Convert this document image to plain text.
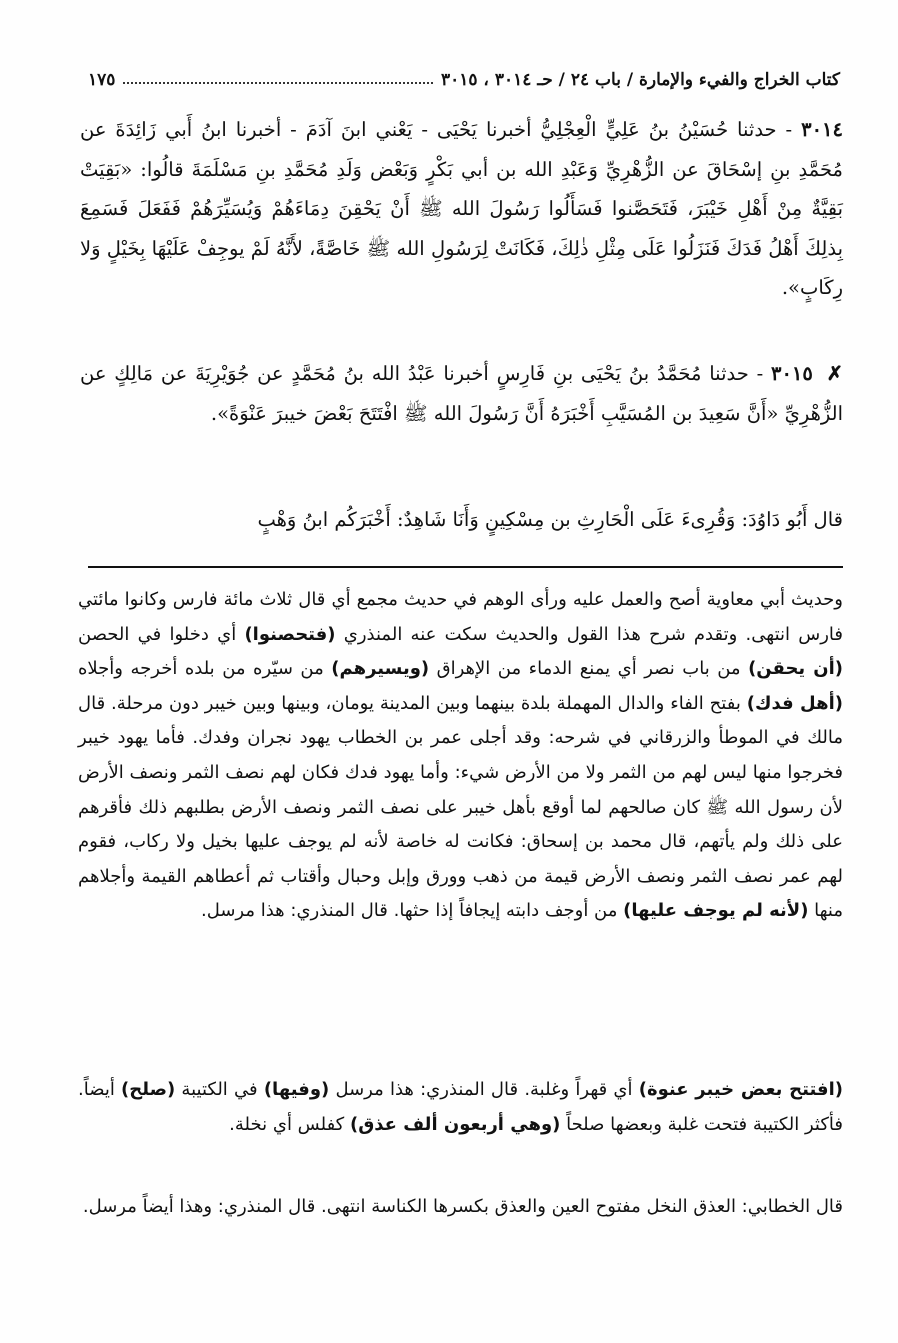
كتاب الخراج والفيء والإمارة / باب ٢٤ / حـ ٣٠١٤ ، ٣٠١٥
١٧٥
٣٠١٤ - حدثنا حُسَيْنُ بنُ عَلِيٍّ الْعِجْلِيُّ أخبرنا يَحْيَى - يَعْني ابنَ آدَمَ - أخبرنا ابنُ أَبي زَائِدَةَ عن مُحَمَّدِ بنِ إسْحَاقَ عن الزُّهْرِيِّ وَعَبْدِ الله بن أبي بَكْرٍ وَبَعْض وَلَدِ مُحَمَّدِ بنِ مَسْلَمَةَ قالُوا: «بَقِيَتْ بَقِيَّةٌ مِنْ أَهْلِ خَيْبَرَ، فَتَحَصَّنوا فَسَأَلُوا رَسُولَ الله ﷺ أَنْ يَحْقِنَ دِمَاءَهُمْ وَيُسَيِّرَهُمْ فَفَعَلَ فَسَمِعَ بِذلِكَ أَهْلُ فَدَكَ فَنَزَلُوا عَلَى مِثْلِ ذٰلِكَ، فَكَانَتْ لِرَسُولِ الله ﷺ خَاصَّةً، لأَنَّهُ لَمْ يوجِفْ عَلَيْهَا بِخَيْلٍ وَلا رِكَابٍ».
✗ ٣٠١٥ - حدثنا مُحَمَّدُ بنُ يَحْيَى بنِ فَارِسٍ أخبرنا عَبْدُ الله بنُ مُحَمَّدٍ عن جُوَيْرِيَةَ عن مَالِكٍ عن الزُّهْرِيِّ «أَنَّ سَعِيدَ بن المُسَيَّبِ أَخْبَرَهُ أَنَّ رَسُولَ الله ﷺ افْتَتَحَ بَعْضَ خيبرَ عَنْوَةً».
قال أَبُو دَاوُدَ: وَقُرِىءَ عَلَى الْحَارِثِ بن مِسْكِينٍ وَأَنَا شَاهِدٌ: أَخْبَرَكُم ابنُ وَهْبٍ

وحديث أبي معاوية أصح والعمل عليه ورأى الوهم في حديث مجمع أي قال ثلاث مائة فارس وكانوا مائتي فارس انتهى. وتقدم شرح هذا القول والحديث سكت عنه المنذري (فتحصنوا) أي دخلوا في الحصن (أن يحقن) من باب نصر أي يمنع الدماء من الإهراق (ويسيرهم) من سيّره من بلده أخرجه وأجلاه (أهل فدك) بفتح الفاء والدال المهملة بلدة بينهما وبين المدينة يومان، وبينها وبين خيبر دون مرحلة. قال مالك في الموطأ والزرقاني في شرحه: وقد أجلى عمر بن الخطاب يهود نجران وفدك. فأما يهود خيبر فخرجوا منها ليس لهم من الثمر ولا من الأرض شيء: وأما يهود فدك فكان لهم نصف الثمر ونصف الأرض لأن رسول الله ﷺ كان صالحهم لما أوقع بأهل خيبر على نصف الثمر ونصف الأرض بطلبهم ذلك فأقرهم على ذلك ولم يأتهم، قال محمد بن إسحاق: فكانت له خاصة لأنه لم يوجف عليها بخيل ولا ركاب، فقوم لهم عمر نصف الثمر ونصف الأرض قيمة من ذهب وورق وإبل وحبال وأقتاب ثم أعطاهم القيمة وأجلاهم منها (لأنه لم يوجف عليها) من أوجف دابته إيجافاً إذا حثها. قال المنذري: هذا مرسل.

(افتتح بعض خيبر عنوة) أي قهراً وغلبة. قال المنذري: هذا مرسل (وفيها) في الكتيبة (صلح) أيضاً. فأكثر الكتيبة فتحت غلبة وبعضها صلحاً (وهي أربعون ألف عذق) كفلس أي نخلة.

قال الخطابي: العذق النخل مفتوح العين والعذق بكسرها الكناسة انتهى. قال المنذري: وهذا أيضاً مرسل.
